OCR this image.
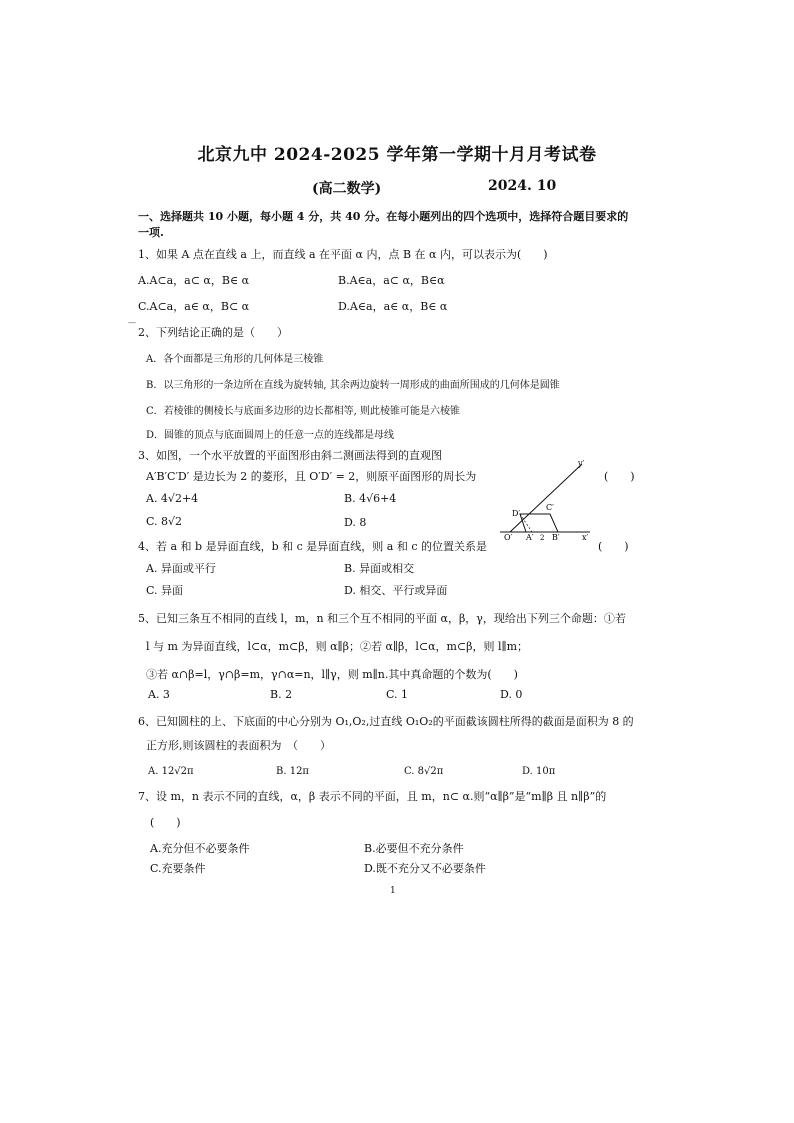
北京九中 2024-2025 学年第一学期十月月考试卷
(高二数学)	2024. 10
一、选择题共 10 小题，每小题 4 分，共 40 分。在每小题列出的四个选项中，选择符合题目要求的
一项.
1、如果 A 点在直线 a 上，而直线 a 在平面 α 内，点 B 在 α 内，可以表示为(　　)
A.A⊂a，a⊂ α，B∈ α	B.A∈a，a⊂ α，B∈α
C.A⊂a，a∈ α，B⊂ α	D.A∈a，a∈ α，B∈ α
—
2、下列结论正确的是（　　）
A．各个面都是三角形的几何体是三棱锥
B．以三角形的一条边所在直线为旋转轴, 其余两边旋转一周形成的曲面所围成的几何体是圆锥
C．若棱锥的侧棱长与底面多边形的边长都相等, 则此棱锥可能是六棱锥
D．圆锥的顶点与底面圆周上的任意一点的连线都是母线
3、如图，一个水平放置的平面图形由斜二测画法得到的直观图
A′B′C′D′ 是边长为 2 的菱形，且 O′D′ = 2，则原平面图形的周长为	(　　)
A. 4√2+4	B. 4√6+4
C. 8√2	D. 8
y′
x′
O′ A′ 2 B′
C′
D′
4、若 a 和 b 是异面直线，b 和 c 是异面直线，则 a 和 c 的位置关系是	(　　)
A. 异面或平行	B. 异面或相交
C. 异面	D. 相交、平行或异面
5、已知三条互不相同的直线 l，m，n 和三个互不相同的平面 α，β，γ，现给出下列三个命题：①若
l 与 m 为异面直线，l⊂α，m⊂β，则 α∥β；②若 α∥β，l⊂α，m⊂β，则 l∥m；
③若 α∩β=l，γ∩β=m，γ∩α=n，l∥γ，则 m∥n.其中真命题的个数为(　　)
A. 3	B. 2	C. 1	D. 0
6、已知圆柱的上、下底面的中心分别为 O₁,O₂,过直线 O₁O₂的平面截该圆柱所得的截面是面积为 8 的
正方形,则该圆柱的表面积为　（　　）
A. 12√2π	B. 12π	C. 8√2π	D. 10π
7、设 m，n 表示不同的直线，α，β 表示不同的平面，且 m，n⊂ α.则“α∥β”是“m∥β 且 n∥β”的
(　　)
A.充分但不必要条件	B.必要但不充分条件
C.充要条件	D.既不充分又不必要条件
1
